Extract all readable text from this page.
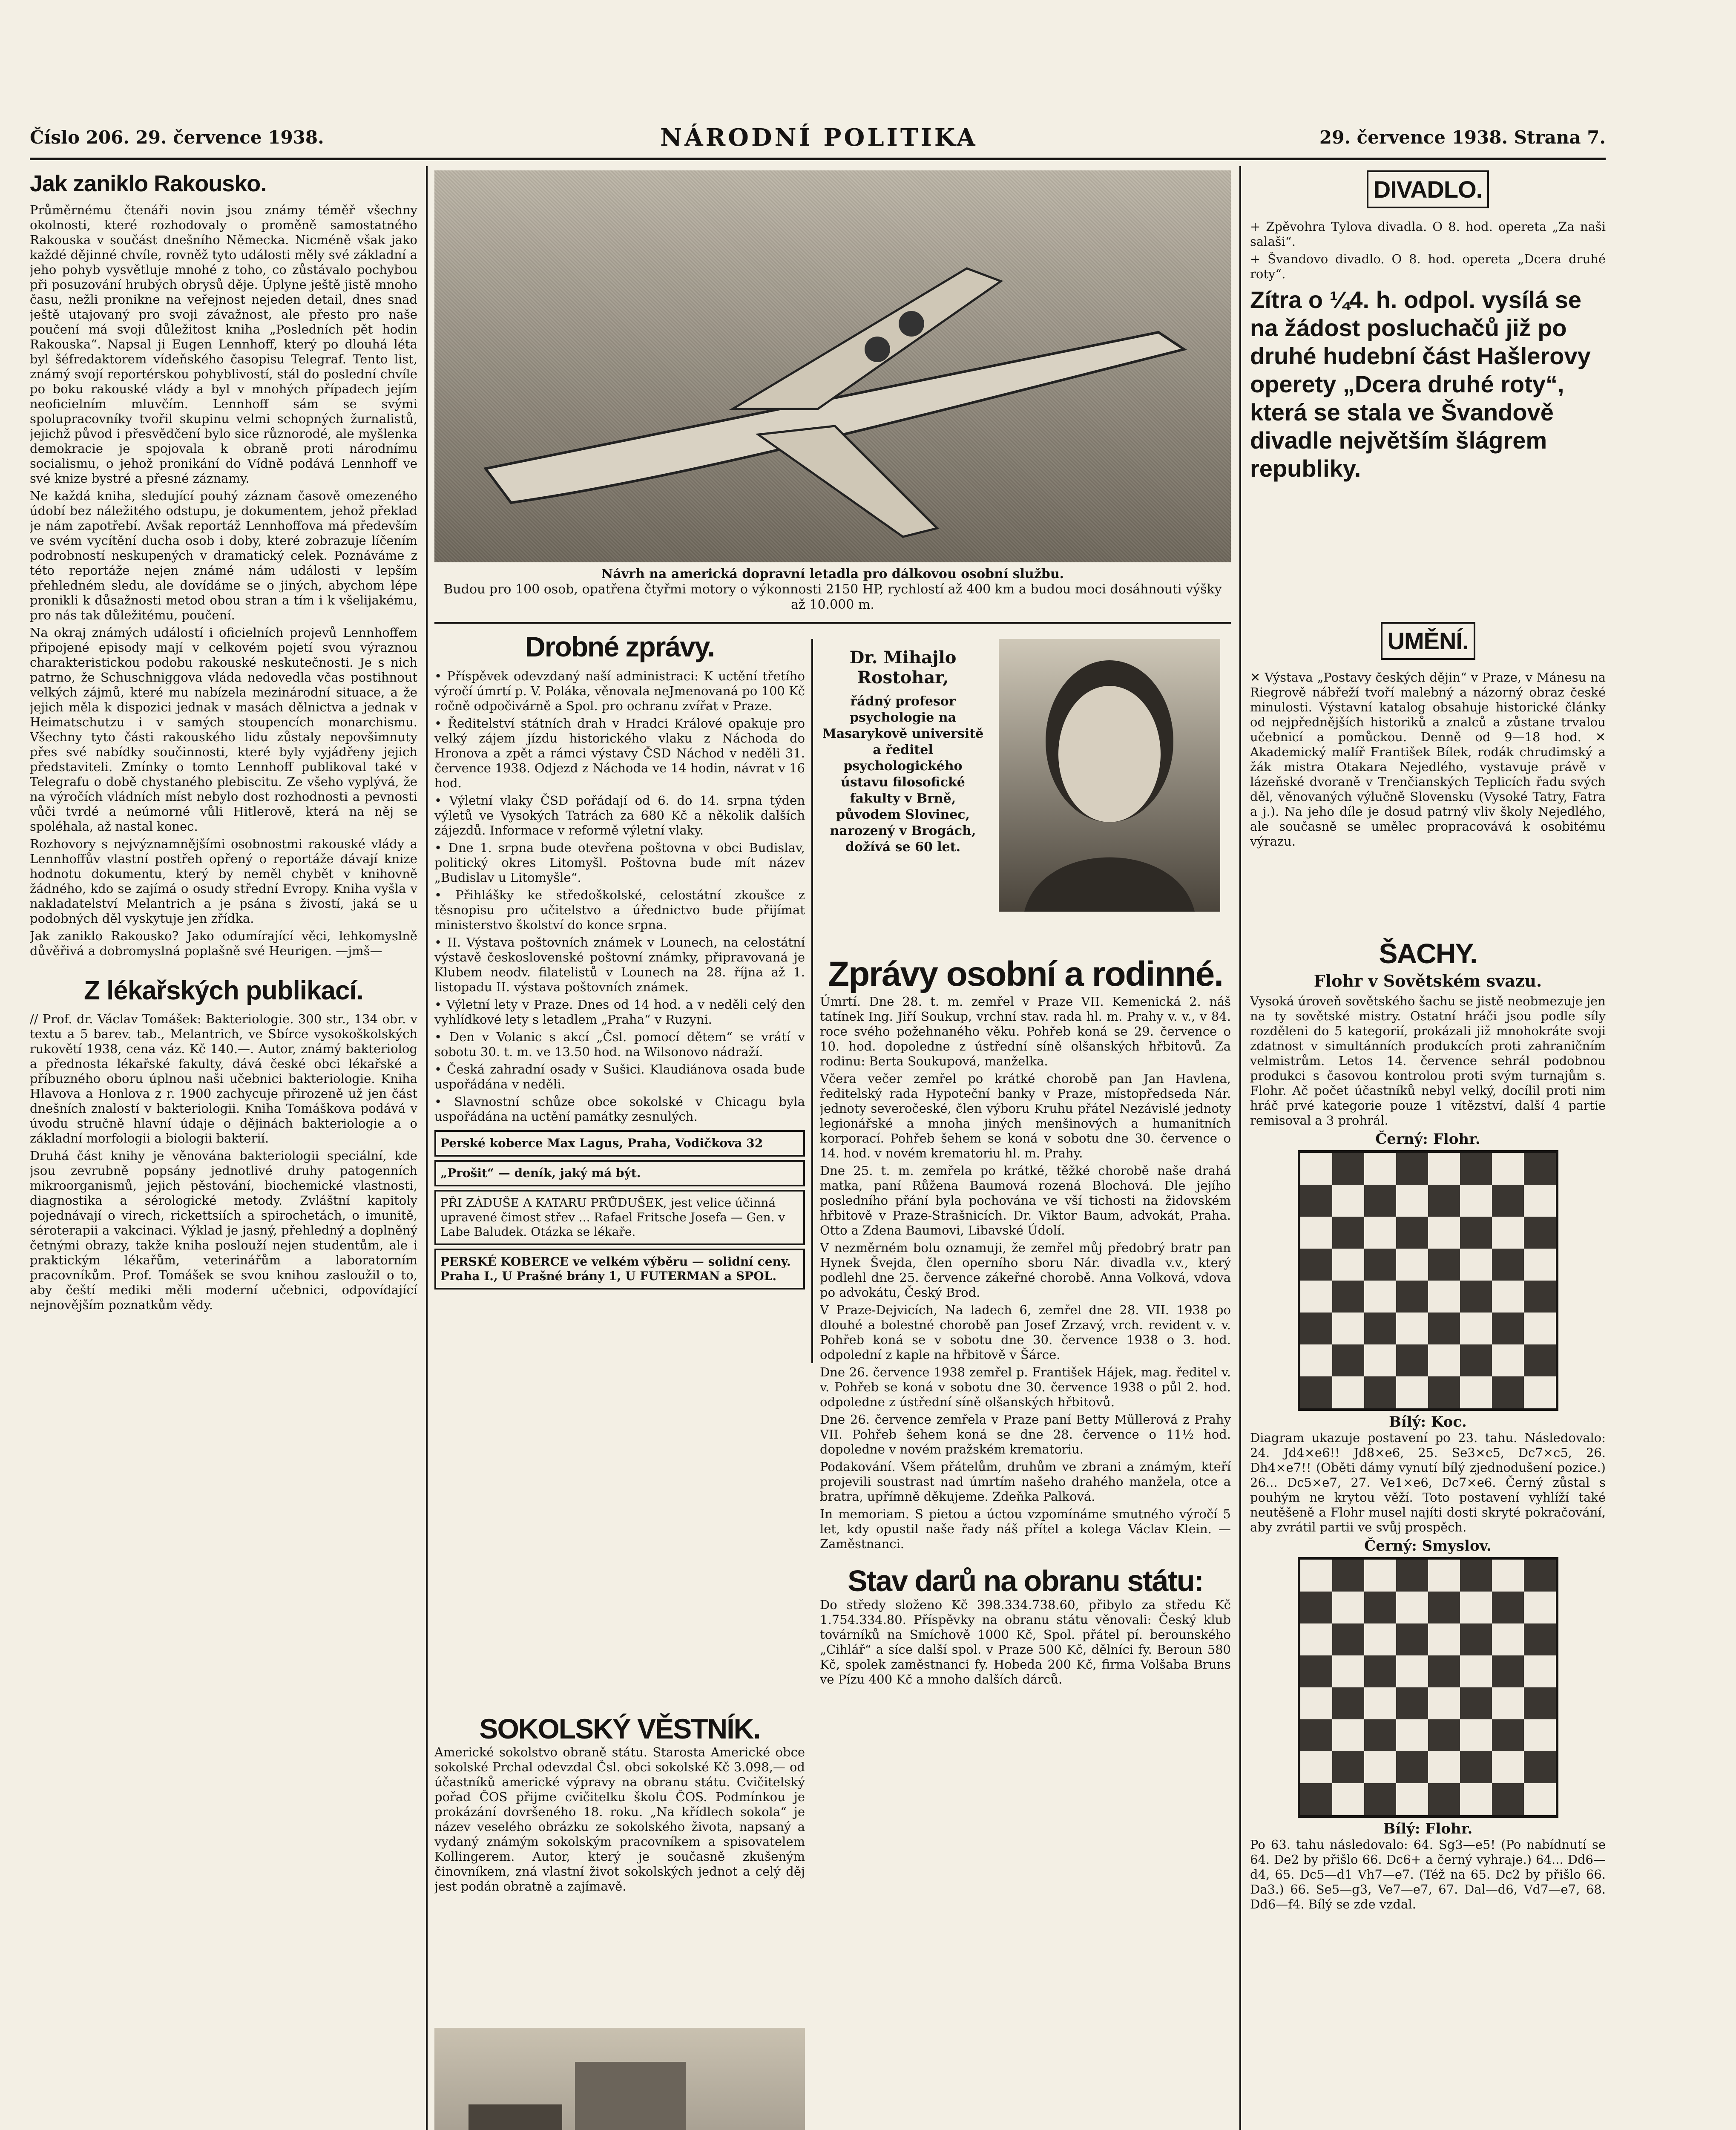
Číslo 206. 29. července 1938.	NÁRODNÍ POLITIKA	29. července 1938. Strana 7.
Jak zaniklo Rakousko.

Průměrnému čtenáři novin jsou známy téměř všechny okolnosti, které rozhodovaly o proměně samostatného Rakouska v součást dnešního Německa. Nicméně však jako každé dějinné chvíle, rovněž tyto události měly své základní a jeho pohyb vysvětluje mnohé z toho, co zůstávalo pochybou při posuzování hrubých obrysů děje. Úplyne ještě jistě mnoho času, nežli pronikne na veřejnost nejeden detail, dnes snad ještě utajovaný pro svoji závažnost, ale přesto pro naše poučení má svoji důležitost kniha „Posledních pět hodin Rakouska“. Napsal ji Eugen Lennhoff, který po dlouhá léta byl šéfredaktorem vídeňského časopisu Telegraf. Tento list, známý svojí reportérskou pohyblivostí, stál do poslední chvíle po boku rakouské vlády a byl v mnohých případech jejím neoficielním mluvčím. Lennhoff sám se svými spolupracovníky tvořil skupinu velmi schopných žurnalistů, jejichž původ i přesvědčení bylo sice různorodé, ale myšlenka demokracie je spojovala k obraně proti národnímu socialismu, o jehož pronikání do Vídně podává Lennhoff ve své knize bystré a přesné záznamy.

Ne každá kniha, sledující pouhý záznam časově omezeného údobí bez náležitého odstupu, je dokumentem, jehož překlad je nám zapotřebí. Avšak reportáž Lennhoffova má především ve svém vycítění ducha osob i doby, které zobrazuje líčením podrobností neskupených v dramatický celek. Poznáváme z této reportáže nejen známé nám události v lepším přehledném sledu, ale dovídáme se o jiných, abychom lépe pronikli k důsažnosti metod obou stran a tím i k všelijakému, pro nás tak důležitému, poučení.

Na okraj známých událostí i oficielních projevů Lennhoffem připojené episody mají v celkovém pojetí svou výraznou charakteristickou podobu rakouské neskutečnosti. Je s nich patrno, že Schuschniggova vláda nedovedla včas postihnout velkých zájmů, které mu nabízela mezinárodní situace, a že jejich měla k dispozici jednak v masách dělnictva a jednak v Heimatschutzu i v samých stoupencích monarchismu. Všechny tyto části rakouského lidu zůstaly nepovšimnuty přes své nabídky součinnosti, které byly vyjádřeny jejich představiteli. Zmínky o tomto Lennhoff publikoval také v Telegrafu o době chystaného plebiscitu. Ze všeho vyplývá, že na výročích vládních míst nebylo dost rozhodnosti a pevnosti vůči tvrdé a neúmorné vůli Hitlerově, která na něj se spoléhala, až nastal konec.

Rozhovory s nejvýznamnějšími osobnostmi rakouské vlády a Lennhoffův vlastní postřeh opřený o reportáže dávají knize hodnotu dokumentu, který by neměl chybět v knihovně žádného, kdo se zajímá o osudy střední Evropy. Kniha vyšla v nakladatelství Melantrich a je psána s živostí, jaká se u podobných děl vyskytuje jen zřídka.

Jak zaniklo Rakousko? Jako odumírající věci, lehkomyslně důvěřivá a dobromyslná poplašně své Heurigen. —jmš—

Z lékařských publikací.

// Prof. dr. Václav Tomášek: Bakteriologie. 300 str., 134 obr. v textu a 5 barev. tab., Melantrich, ve Sbírce vysokoškolských rukovětí 1938, cena váz. Kč 140.—. Autor, známý bakteriolog a přednosta lékařské fakulty, dává české obci lékařské a příbuzného oboru úplnou naši učebnici bakteriologie. Kniha Hlavova a Honlova z r. 1900 zachycuje přirozeně už jen část dnešních znalostí v bakteriologii. Kniha Tomáškova podává v úvodu stručně hlavní údaje o dějinách bakteriologie a o základní morfologii a biologii bakterií.

Druhá část knihy je věnována bakteriologii speciální, kde jsou zevrubně popsány jednotlivé druhy patogenních mikroorganismů, jejich pěstování, biochemické vlastnosti, diagnostika a sérologické metody. Zvláštní kapitoly pojednávají o virech, rickettsiích a spirochetách, o imunitě, séroterapii a vakcinaci. Výklad je jasný, přehledný a doplněný četnými obrazy, takže kniha poslouží nejen studentům, ale i praktickým lékařům, veterinářům a laboratorním pracovníkům. Prof. Tomášek se svou knihou zasloužil o to, aby čeští mediki měli moderní učebnici, odpovídající nejnovějším poznatkům vědy.

Návrh na americká dopravní letadla pro dálkovou osobní službu.
Budou pro 100 osob, opatřena čtyřmi motory o výkonnosti 2150 HP, rychlostí až 400 km a budou moci dosáhnouti výšky až 10.000 m.
Drobné zprávy.

• Příspěvek odevzdaný naší administraci: K uctění třetího výročí úmrtí p. V. Poláka, věnovala neJmenovaná po 100 Kč ročně odpočivárně a Spol. pro ochranu zvířat v Praze.

• Ředitelství státních drah v Hradci Králové opakuje pro velký zájem jízdu historického vlaku z Náchoda do Hronova a zpět a rámci výstavy ČSD Náchod v neděli 31. července 1938. Odjezd z Náchoda ve 14 hodin, návrat v 16 hod.

• Výletní vlaky ČSD pořádají od 6. do 14. srpna týden výletů ve Vysokých Tatrách za 680 Kč a několik dalších zájezdů. Informace v reformě výletní vlaky.

• Dne 1. srpna bude otevřena poštovna v obci Budislav, politický okres Litomyšl. Poštovna bude mít název „Budislav u Litomyšle“.

• Přihlášky ke středoškolské, celostátní zkoušce z těsnopisu pro učitelstvo a úřednictvo bude přijímat ministerstvo školství do konce srpna.

• II. Výstava poštovních známek v Lounech, na celostátní výstavě československé poštovní známky, připravovaná je Klubem neodv. filatelistů v Lounech na 28. října až 1. listopadu II. výstava poštovních známek.

• Výletní lety v Praze. Dnes od 14 hod. a v neděli celý den vyhlídkové lety s letadlem „Praha“ v Ruzyni.

• Den v Volanic s akcí „Čsl. pomocí dětem“ se vrátí v sobotu 30. t. m. ve 13.50 hod. na Wilsonovo nádraží.

• Česká zahradní osady v Sušici. Klaudiánova osada bude uspořádána v neděli.

• Slavnostní schůze obce sokolské v Chicagu byla uspořádána na uctění památky zesnulých.

Perské koberce Max Lagus, Praha, Vodičkova 32
„Prošit“ — deník, jaký má být.
PŘI ZÁDUŠE A KATARU PRŮDUŠEK, jest velice účinná upravené čimost střev ... Rafael Fritsche Josefa — Gen. v Labe Baludek. Otázka se lékaře.
PERSKÉ KOBERCE ve velkém výběru — solidní ceny. Praha I., U Prašné brány 1, U FUTERMAN a SPOL.
Dr. Mihajlo Rostohar,
řádný profesor psychologie na Masarykově universitě a ředitel psychologického ústavu filosofické fakulty v Brně, původem Slovinec, narozený v Brogách, dožívá se 60 let.
Zprávy osobní a rodinné.

Úmrtí. Dne 28. t. m. zemřel v Praze VII. Kemenická 2. náš tatínek Ing. Jiří Soukup, vrchní stav. rada hl. m. Prahy v. v., v 84. roce svého požehnaného věku. Pohřeb koná se 29. července o 10. hod. dopoledne z ústřední síně olšanských hřbitovů. Za rodinu: Berta Soukupová, manželka.

Včera večer zemřel po krátké chorobě pan Jan Havlena, ředitelský rada Hypoteční banky v Praze, místopředseda Nár. jednoty severočeské, člen výboru Kruhu přátel Nezávislé jednoty legionářské a mnoha jiných menšinových a humanitních korporací. Pohřeb šehem se koná v sobotu dne 30. července o 14. hod. v novém krematoriu hl. m. Prahy.

Dne 25. t. m. zemřela po krátké, těžké chorobě naše drahá matka, paní Růžena Baumová rozená Blochová. Dle jejího posledního přání byla pochována ve vší tichosti na židovském hřbitově v Praze-Strašnicích. Dr. Viktor Baum, advokát, Praha. Otto a Zdena Baumovi, Libavské Údolí.

V nezměrném bolu oznamuji, že zemřel můj předobrý bratr pan Hynek Švejda, člen operního sboru Nár. divadla v.v., který podlehl dne 25. července zákeřné chorobě. Anna Volková, vdova po advokátu, Český Brod.

V Praze-Dejvicích, Na ladech 6, zemřel dne 28. VII. 1938 po dlouhé a bolestné chorobě pan Josef Zrzavý, vrch. revident v. v. Pohřeb koná se v sobotu dne 30. července 1938 o 3. hod. odpolední z kaple na hřbitově v Šárce.

Dne 26. července 1938 zemřel p. František Hájek, mag. ředitel v. v. Pohřeb se koná v sobotu dne 30. července 1938 o půl 2. hod. odpoledne z ústřední síně olšanských hřbitovů.

Dne 26. července zemřela v Praze paní Betty Müllerová z Prahy VII. Pohřeb šehem koná se dne 28. července o 11½ hod. dopoledne v novém pražském krematoriu.

Podakování. Všem přátelům, druhům ve zbrani a známým, kteří projevili soustrast nad úmrtím našeho drahého manžela, otce a bratra, upřímně děkujeme. Zdeňka Palková.

In memoriam. S pietou a úctou vzpomínáme smutného výročí 5 let, kdy opustil naše řady náš přítel a kolega Václav Klein. — Zaměstnanci.

Stav darů na obranu státu:

Do středy složeno Kč 398.334.738.60, přibylo za středu Kč 1.754.334.80. Příspěvky na obranu státu věnovali: Český klub továrníků na Smíchově 1000 Kč, Spol. přátel pí. berounského „Cihlář“ a síce další spol. v Praze 500 Kč, dělníci fy. Beroun 580 Kč, spolek zaměstnanci fy. Hobeda 200 Kč, firma Volšaba Bruns ve Pízu 400 Kč a mnoho dalších dárců.

SOKOLSKÝ VĚSTNÍK.

Americké sokolstvo obraně státu. Starosta Americké obce sokolské Prchal odevzdal Čsl. obci sokolské Kč 3.098,— od účastníků americké výpravy na obranu státu. Cvičitelský pořad ČOS přijme cvičitelku školu ČOS. Podmínkou je prokázání dovršeného 18. roku. „Na křídlech sokola“ je název veselého obrázku ze sokolského života, napsaný a vydaný známým sokolským pracovníkem a spisovatelem Kollingerem. Autor, který je současně zkušeným činovníkem, zná vlastní život sokolských jednot a celý děj jest podán obratně a zajímavě.

DIVADLO.

+ Zpěvohra Tylova divadla. O 8. hod. opereta „Za naši salaši“.

+ Švandovo divadlo. O 8. hod. opereta „Dcera druhé roty“.

Zítra o ¼4. h. odpol. vysílá se na žádost posluchačů již po druhé hudební část Hašlerovy operety „Dcera druhé roty“, která se stala ve Švandově divadle největším šlágrem republiky.
UMĚNÍ.

✕ Výstava „Postavy českých dějin“ v Praze, v Mánesu na Riegrově nábřeží tvoří malebný a názorný obraz české minulosti. Výstavní katalog obsahuje historické články od nejpřednějších historiků a znalců a zůstane trvalou učebnicí a pomůckou. Denně od 9—18 hod. ✕ Akademický malíř František Bílek, rodák chrudimský a žák mistra Otakara Nejedlého, vystavuje právě v lázeňské dvoraně v Trenčianských Teplicích řadu svých děl, věnovaných výlučně Slovensku (Vysoké Tatry, Fatra a j.). Na jeho díle je dosud patrný vliv školy Nejedlého, ale současně se umělec propracovává k osobitému výrazu.

ŠACHY.
Flohr v Sovětském svazu.

Vysoká úroveň sovětského šachu se jistě neobmezuje jen na ty sovětské mistry. Ostatní hráči jsou podle síly rozděleni do 5 kategorií, prokázali již mnohokráte svoji zdatnost v simultánních produkcích proti zahraničním velmistrům. Letos 14. července sehrál podobnou produkci s časovou kontrolou proti svým turnajům s. Flohr. Ač počet účastníků nebyl velký, docílil proti nim hráč prvé kategorie pouze 1 vítězství, další 4 partie remisoval a 3 prohrál.

Černý: Flohr.
Bílý: Koc.

Diagram ukazuje postavení po 23. tahu. Následovalo: 24. Jd4×e6!! Jd8×e6, 25. Se3×c5, Dc7×c5, 26. Dh4×e7!! (Oběti dámy vynutí bílý zjednodušení pozice.) 26... Dc5×e7, 27. Ve1×e6, Dc7×e6. Černý zůstal s pouhým ne krytou věží. Toto postavení vyhlíží také neutěšeně a Flohr musel najíti dosti skryté pokračování, aby zvrátil partii ve svůj prospěch.

Černý: Smyslov.
Bílý: Flohr.

Po 63. tahu následovalo: 64. Sg3—e5! (Po nabídnutí se 64. De2 by přišlo 66. Dc6+ a černý vyhraje.) 64... Dd6—d4, 65. Dc5—d1 Vh7—e7. (Též na 65. Dc2 by přišlo 66. Da3.) 66. Se5—g3, Ve7—e7, 67. Dal—d6, Vd7—e7, 68. Dd6—f4. Bílý se zde vzdal.
